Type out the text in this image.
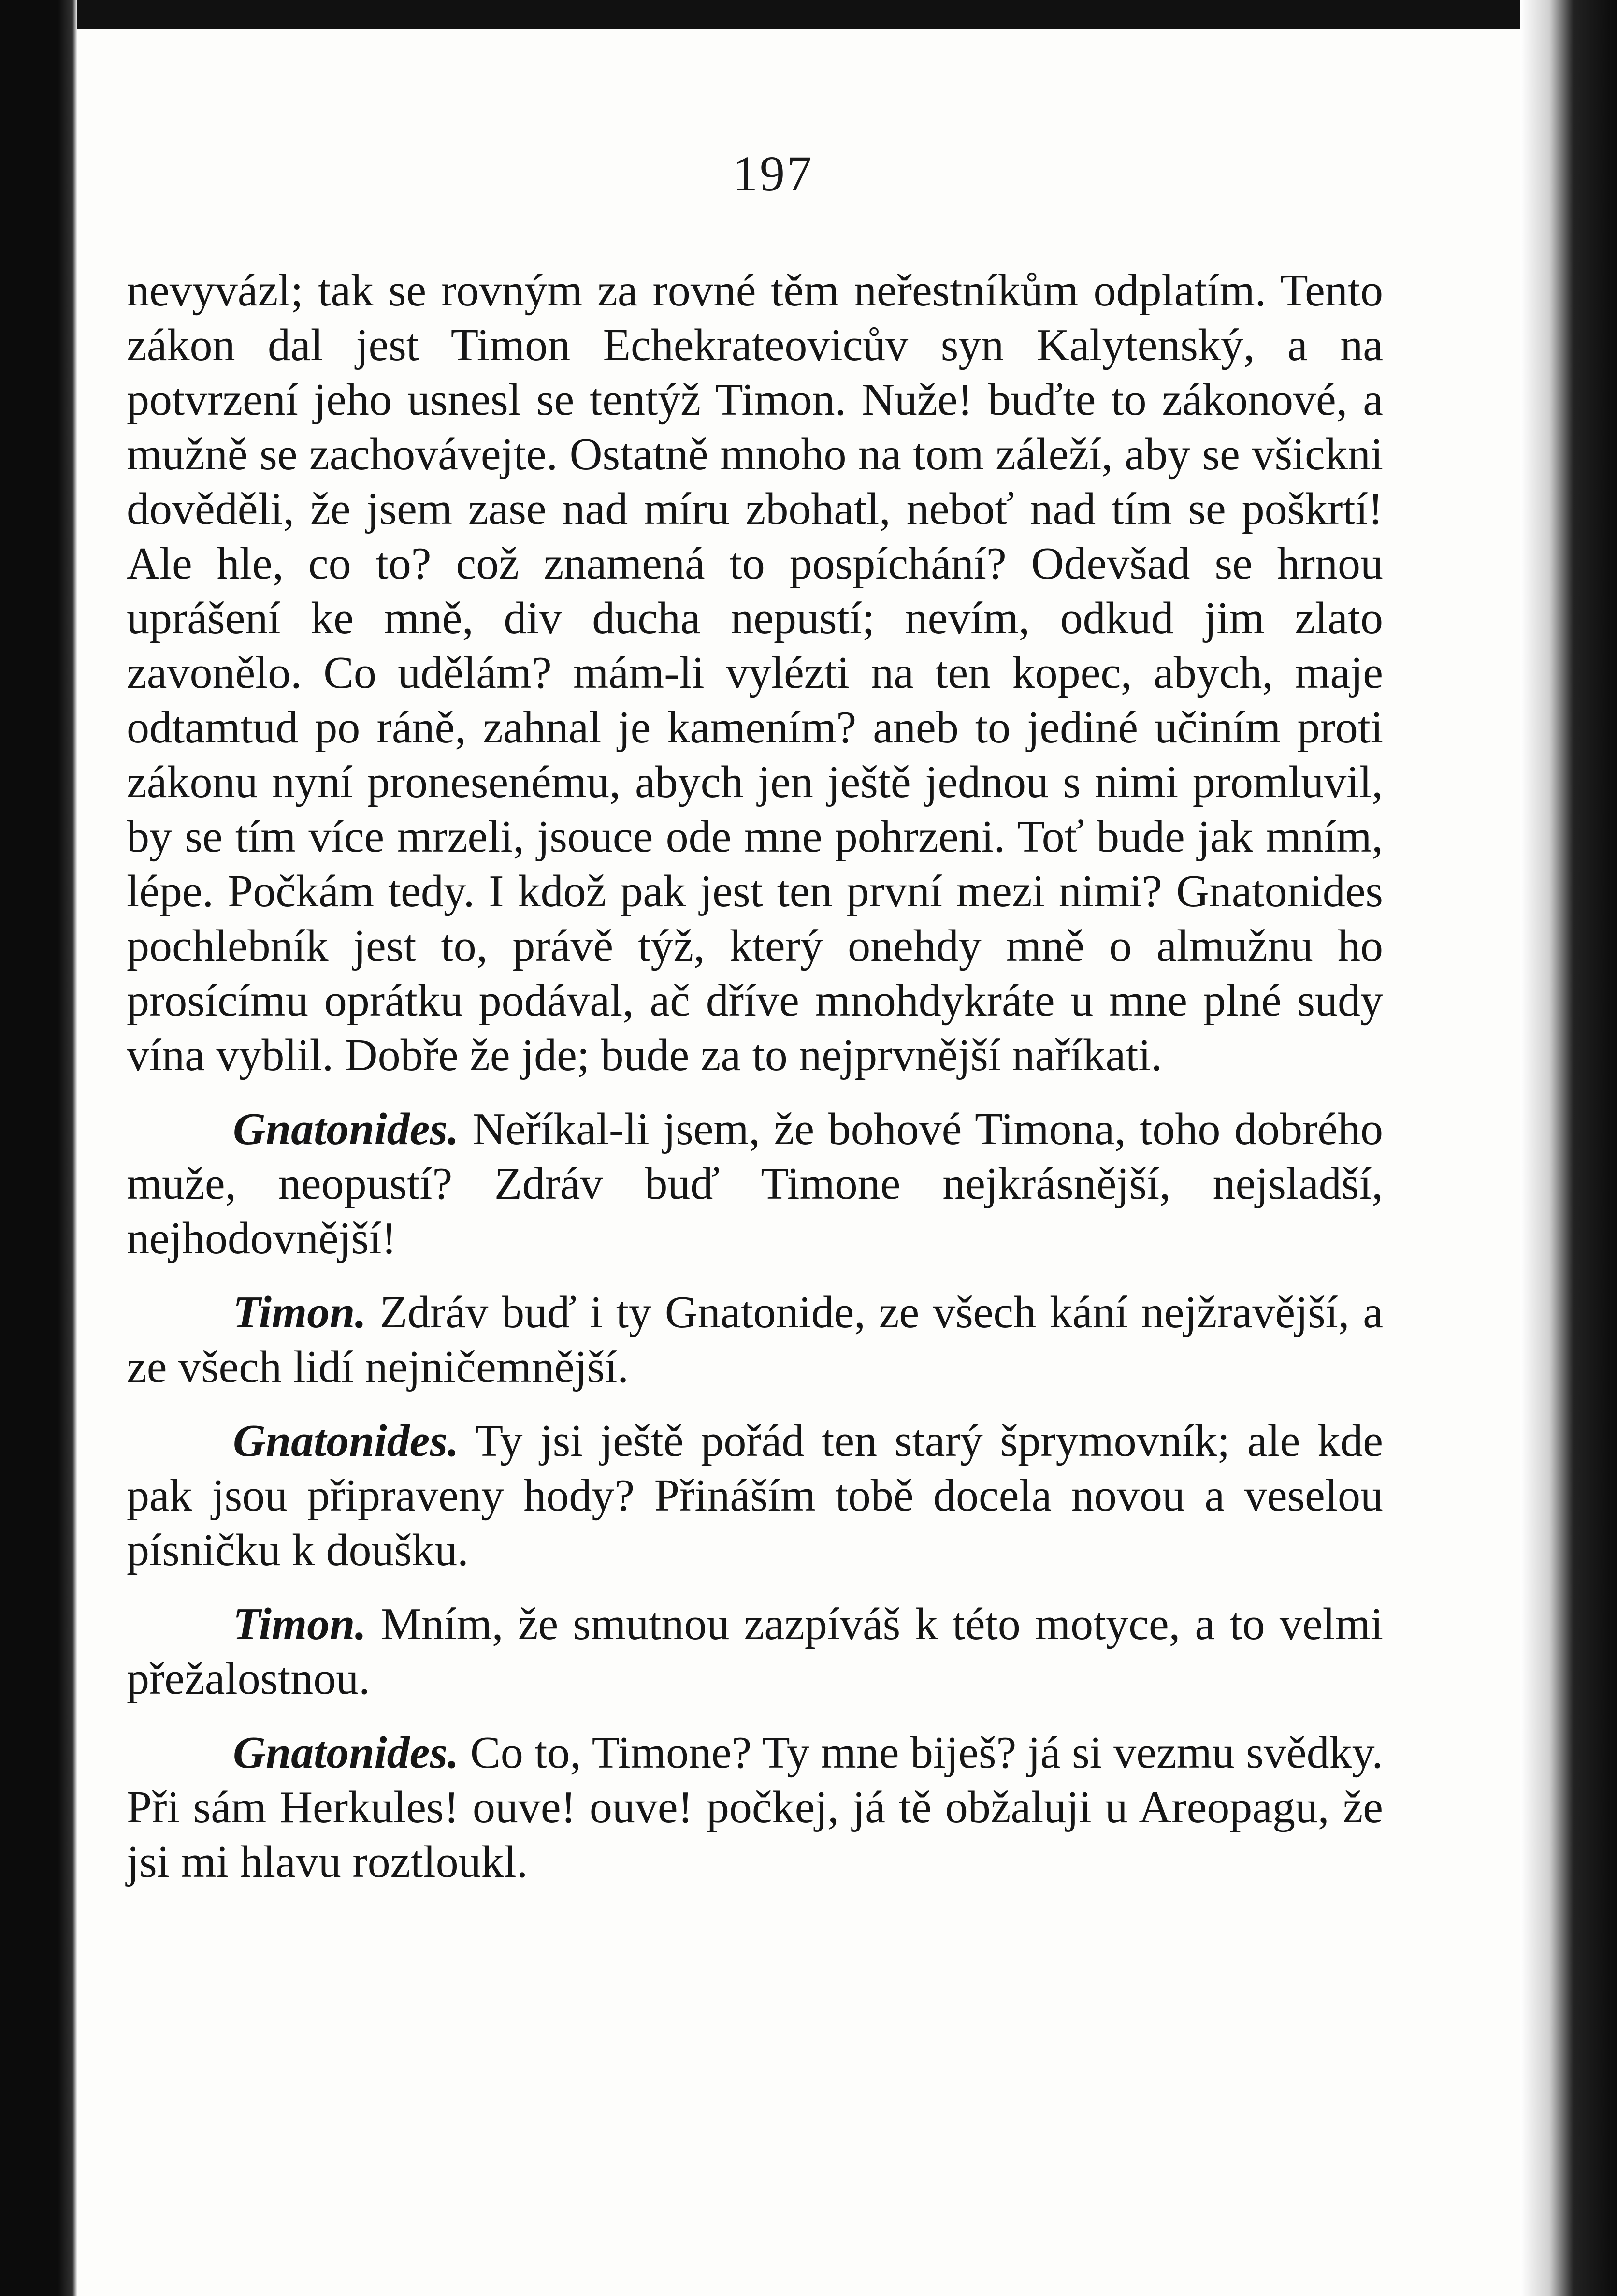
197

nevyvázl; tak se rovným za rovné těm neřestníkům odplatím. Tento zákon dal jest Timon Echekrateovicův syn Kalytenský, a na potvrzení jeho usnesl se tentýž Timon. Nuže! buďte to zákonové, a mužně se zachovávejte. Ostatně mnoho na tom záleží, aby se všickni dověděli, že jsem zase nad míru zbohatl, neboť nad tím se poškrtí! Ale hle, co to? což znamená to pospíchání? Odevšad se hrnou uprášení ke mně, div ducha nepustí; nevím, odkud jim zlato zavonělo. Co udělám? mám-li vylézti na ten kopec, abych, maje odtamtud po ráně, zahnal je kamením? aneb to jediné učiním proti zákonu nyní pronesenému, abych jen ještě jednou s nimi promluvil, by se tím více mrzeli, jsouce ode mne pohrzeni. Toť bude jak mním, lépe. Počkám tedy. I kdož pak jest ten první mezi nimi? Gnatonides pochlebník jest to, právě týž, který onehdy mně o almužnu ho prosícímu oprátku podával, ač dříve mnohdykráte u mne plné sudy vína vyblil. Dobře že jde; bude za to nejprvnější naříkati.

Gnatonides. Neříkal-li jsem, že bohové Timona, toho dobrého muže, neopustí? Zdráv buď Timone nejkrásnější, nejsladší, nejhodovnější!

Timon. Zdráv buď i ty Gnatonide, ze všech kání nejžravější, a ze všech lidí nejničemnější.

Gnatonides. Ty jsi ještě pořád ten starý šprymovník; ale kde pak jsou připraveny hody? Přináším tobě docela novou a veselou písničku k doušku.

Timon. Mním, že smutnou zazpíváš k této motyce, a to velmi přežalostnou.

Gnatonides. Co to, Timone? Ty mne biješ? já si vezmu svědky. Při sám Herkules! ouve! ouve! počkej, já tě obžaluji u Areopagu, že jsi mi hlavu roztloukl.
